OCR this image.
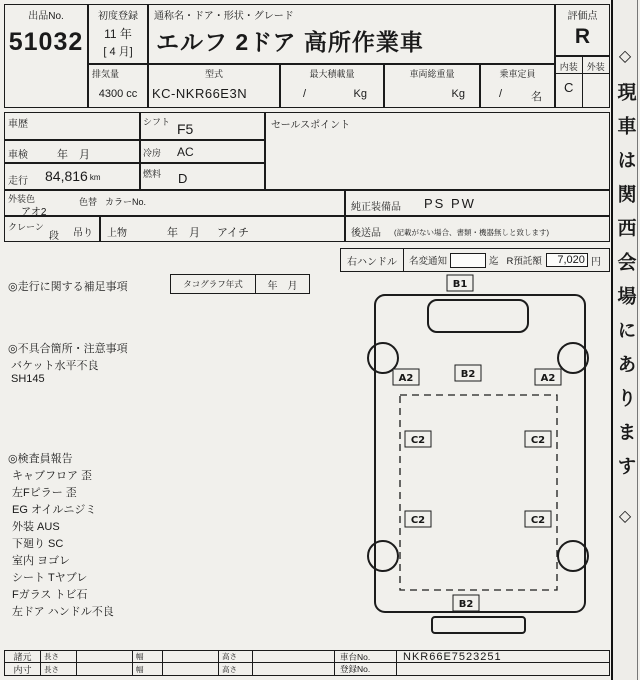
出品No.
51032
初度登録
11 年
[ 4 月]
通称名・ドア・形状・グレード
エルフ 2ドア 高所作業車
評価点
R
排気量
4300 cc
型式
KC-NKR66E3N
最大積載量
/	Kg
車両総重量
Kg
乗車定員
/	名
内装 外装
C
車歴	シフト F5	セールスポイント
車検	年　月	冷房 AC
走行 84,816 km	燃料 D
外装色
アオ2
色替 カラーNo.	純正装備品 PS PW
クレーン
段 吊り 上物	年　月 アイチ	後送品 (記載がない場合、書類・機器無しと致します)
右ハンドル	名変通知	迄 R預託額	7,020 円
◎走行に関する補足事項	タコグラフ年式	年　月
◎不具合箇所・注意事項
バケット水平不良
SH145
◎検査員報告
キャブフロア 歪
左Fピラー 歪
EG オイルニジミ
外装 AUS
下廻り SC
室内 ヨゴレ
シート Tヤブレ
Fガラス トビ石
左ドア ハンドル不良
B1
B2
A2	A2
C2	C2
C2	C2
B2
諸元	長さ	幅	高さ	車台No.	NKR66E7523251
内寸	長さ	幅	高さ	登録No.
◇
現車は関西会場にあります
◇
